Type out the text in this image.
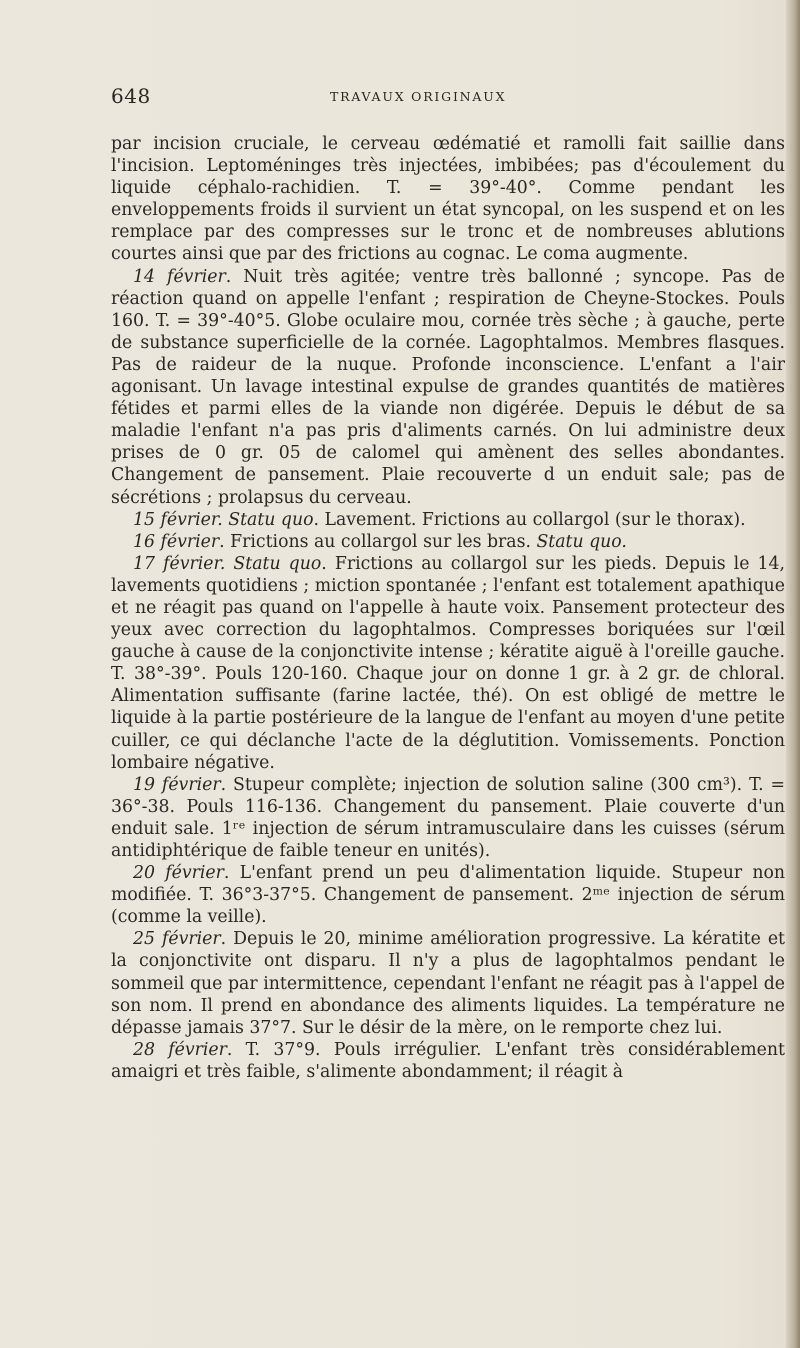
648	TRAVAUX ORIGINAUX

par incision cruciale, le cerveau œdématié et ramolli fait saillie dans l'incision. Leptoméninges très injectées, imbibées; pas d'écoulement du liquide céphalo-rachidien. T. = 39°-40°. Comme pendant les enveloppements froids il survient un état syncopal, on les suspend et on les remplace par des compresses sur le tronc et de nombreuses ablutions courtes ainsi que par des frictions au cognac. Le coma augmente.

14 février. Nuit très agitée; ventre très ballonné ; syncope. Pas de réaction quand on appelle l'enfant ; respiration de Cheyne-Stockes. Pouls 160. T. = 39°-40°5. Globe oculaire mou, cornée très sèche ; à gauche, perte de substance superficielle de la cornée. Lagophtalmos. Membres flasques. Pas de raideur de la nuque. Profonde inconscience. L'enfant a l'air agonisant. Un lavage intestinal expulse de grandes quantités de matières fétides et parmi elles de la viande non digérée. Depuis le début de sa maladie l'enfant n'a pas pris d'aliments carnés. On lui administre deux prises de 0 gr. 05 de calomel qui amènent des selles abondantes. Changement de pansement. Plaie recouverte d un enduit sale; pas de sécrétions ; prolapsus du cerveau.

15 février. Statu quo. Lavement. Frictions au collargol (sur le thorax).

16 février. Frictions au collargol sur les bras. Statu quo.

17 février. Statu quo. Frictions au collargol sur les pieds. Depuis le 14, lavements quotidiens ; miction spontanée ; l'enfant est totalement apathique et ne réagit pas quand on l'appelle à haute voix. Pansement protecteur des yeux avec correction du lagophtalmos. Compresses boriquées sur l'œil gauche à cause de la conjonctivite intense ; kératite aiguë à l'oreille gauche. T. 38°-39°. Pouls 120-160. Chaque jour on donne 1 gr. à 2 gr. de chloral. Alimentation suffisante (farine lactée, thé). On est obligé de mettre le liquide à la partie postérieure de la langue de l'enfant au moyen d'une petite cuiller, ce qui déclanche l'acte de la déglutition. Vomissements. Ponction lombaire négative.

19 février. Stupeur complète; injection de solution saline (300 cm³). T. = 36°-38. Pouls 116-136. Changement du pansement. Plaie couverte d'un enduit sale. 1ʳᵉ injection de sérum intramusculaire dans les cuisses (sérum antidiphtérique de faible teneur en unités).

20 février. L'enfant prend un peu d'alimentation liquide. Stupeur non modifiée. T. 36°3-37°5. Changement de pansement. 2ᵐᵉ injection de sérum (comme la veille).

25 février. Depuis le 20, minime amélioration progressive. La kératite et la conjonctivite ont disparu. Il n'y a plus de lagophtalmos pendant le sommeil que par intermittence, cependant l'enfant ne réagit pas à l'appel de son nom. Il prend en abondance des aliments liquides. La température ne dépasse jamais 37°7. Sur le désir de la mère, on le remporte chez lui.

28 février. T. 37°9. Pouls irrégulier. L'enfant très considérablement amaigri et très faible, s'alimente abondamment; il réagit à
